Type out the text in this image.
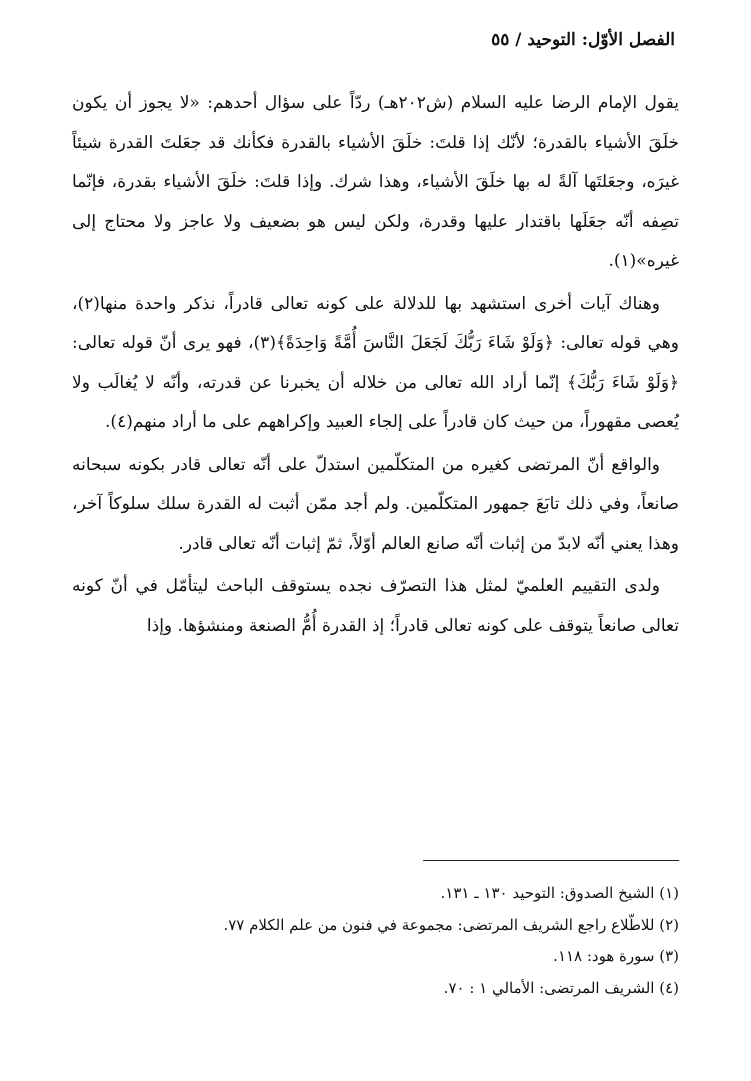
الفصل الأوّل: التوحيد / ٥٥

يقول الإمام الرضا عليه السلام (ش٢٠٢هـ) ردّاً على سؤال أحدهم: «لا يجوز أن يكون خلَقَ الأشياء بالقدرة؛ لأنّك إذا قلتَ: خلَقَ الأشياء بالقدرة فكأنك قد جعَلتَ القدرة شيئاً غيرَه، وجعَلتَها آلةً له بها خلَقَ الأشياء، وهذا شرك. وإذا قلتَ: خلَقَ الأشياء بقدرة، فإنّما تصِفه أنّه جعَلَها باقتدار عليها وقدرة، ولكن ليس هو بضعيف ولا عاجز ولا محتاج إلى غيره»(١).

وهناك آيات أخرى استشهد بها للدلالة على كونه تعالى قادراً، نذكر واحدة منها(٢)، وهي قوله تعالى: ﴿وَلَوْ شَاءَ رَبُّكَ لَجَعَلَ النَّاسَ أُمَّةً وَاحِدَةً﴾(٣)، فهو يرى أنّ قوله تعالى: ﴿وَلَوْ شَاءَ رَبُّكَ﴾ إنّما أراد الله تعالى من خلاله أن يخبرنا عن قدرته، وأنّه لا يُغالَب ولا يُعصى مقهوراً، من حيث كان قادراً على إلجاء العبيد وإكراههم على ما أراد منهم(٤).

والواقع أنّ المرتضى كغيره من المتكلّمين استدلّ على أنّه تعالى قادر بكونه سبحانه صانعاً، وفي ذلك تابَعَ جمهور المتكلّمين. ولم أجد ممّن أثبت له القدرة سلك سلوكاً آخر، وهذا يعني أنّه لابدّ من إثبات أنّه صانع العالم أوّلاً، ثمّ إثبات أنّه تعالى قادر.

ولدى التقييم العلميّ لمثل هذا التصرّف نجده يستوقف الباحث ليتأمّل في أنّ كونه تعالى صانعاً يتوقف على كونه تعالى قادراً؛ إذ القدرة أُمُّ الصنعة ومنشؤها. وإذا

(١) الشيخ الصدوق: التوحيد ١٣٠ ـ ١٣١.

(٢) للاطّلاع راجع الشريف المرتضى: مجموعة في فنون من علم الكلام ٧٧.

(٣) سورة هود: ١١٨.

(٤) الشريف المرتضى: الأمالي ١ : ٧٠.
